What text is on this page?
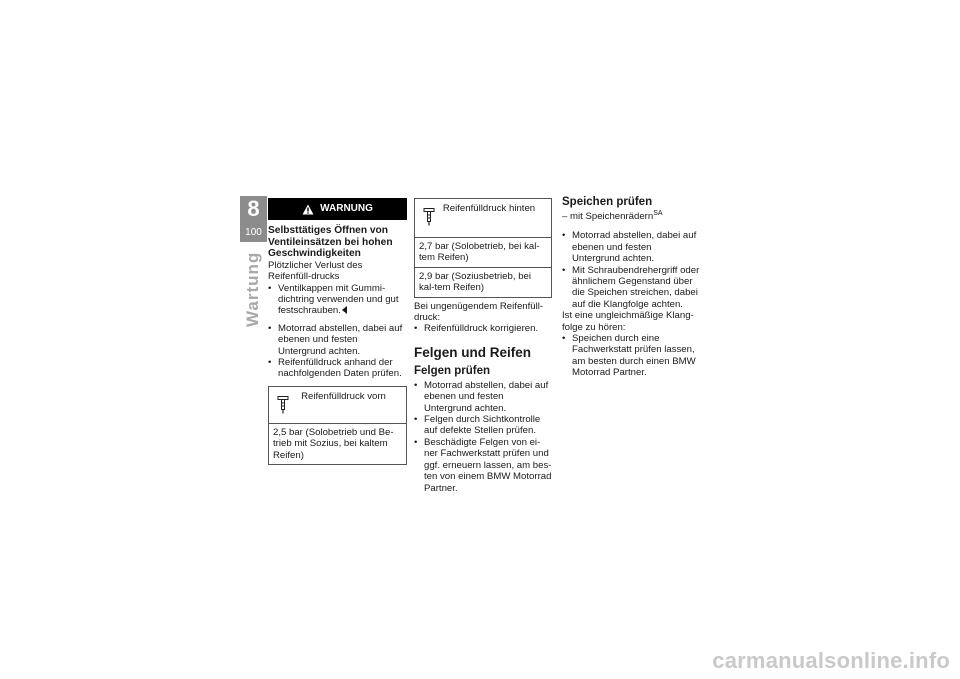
8
100
Wartung
WARNUNG

Selbsttätiges Öffnen von Ventileinsätzen bei hohen Geschwindigkeiten

Plötzlicher Verlust des Reifenfüll-drucks

• Ventilkappen mit Gummi-dichtring verwenden und gut festschrauben.
• Motorrad abstellen, dabei auf ebenen und festen Untergrund achten.
• Reifenfülldruck anhand der nachfolgenden Daten prüfen.
Reifenfülldruck vorn
2,5 bar (Solobetrieb und Be-trieb mit Sozius, bei kaltem Reifen)
Reifenfülldruck hinten
2,7 bar (Solobetrieb, bei kal-tem Reifen)
2,9 bar (Soziusbetrieb, bei kal-tem Reifen)

Bei ungenügendem Reifenfüll-druck:

• Reifenfülldruck korrigieren.

Felgen und Reifen

Felgen prüfen

• Motorrad abstellen, dabei auf ebenen und festen Untergrund achten.
• Felgen durch Sichtkontrolle auf defekte Stellen prüfen.
• Beschädigte Felgen von ei-ner Fachwerkstatt prüfen und ggf. erneuern lassen, am bes-ten von einem BMW Motorrad Partner.

Speichen prüfen

– mit Speichenrädern$^{SA}$

• Motorrad abstellen, dabei auf ebenen und festen Untergrund achten.
• Mit Schraubendrehergriff oder ähnlichem Gegenstand über die Speichen streichen, dabei auf die Klangfolge achten.

Ist eine ungleichmäßige Klang-folge zu hören:

• Speichen durch eine Fachwerkstatt prüfen lassen, am besten durch einen BMW Motorrad Partner.
carmanualsonline.info
